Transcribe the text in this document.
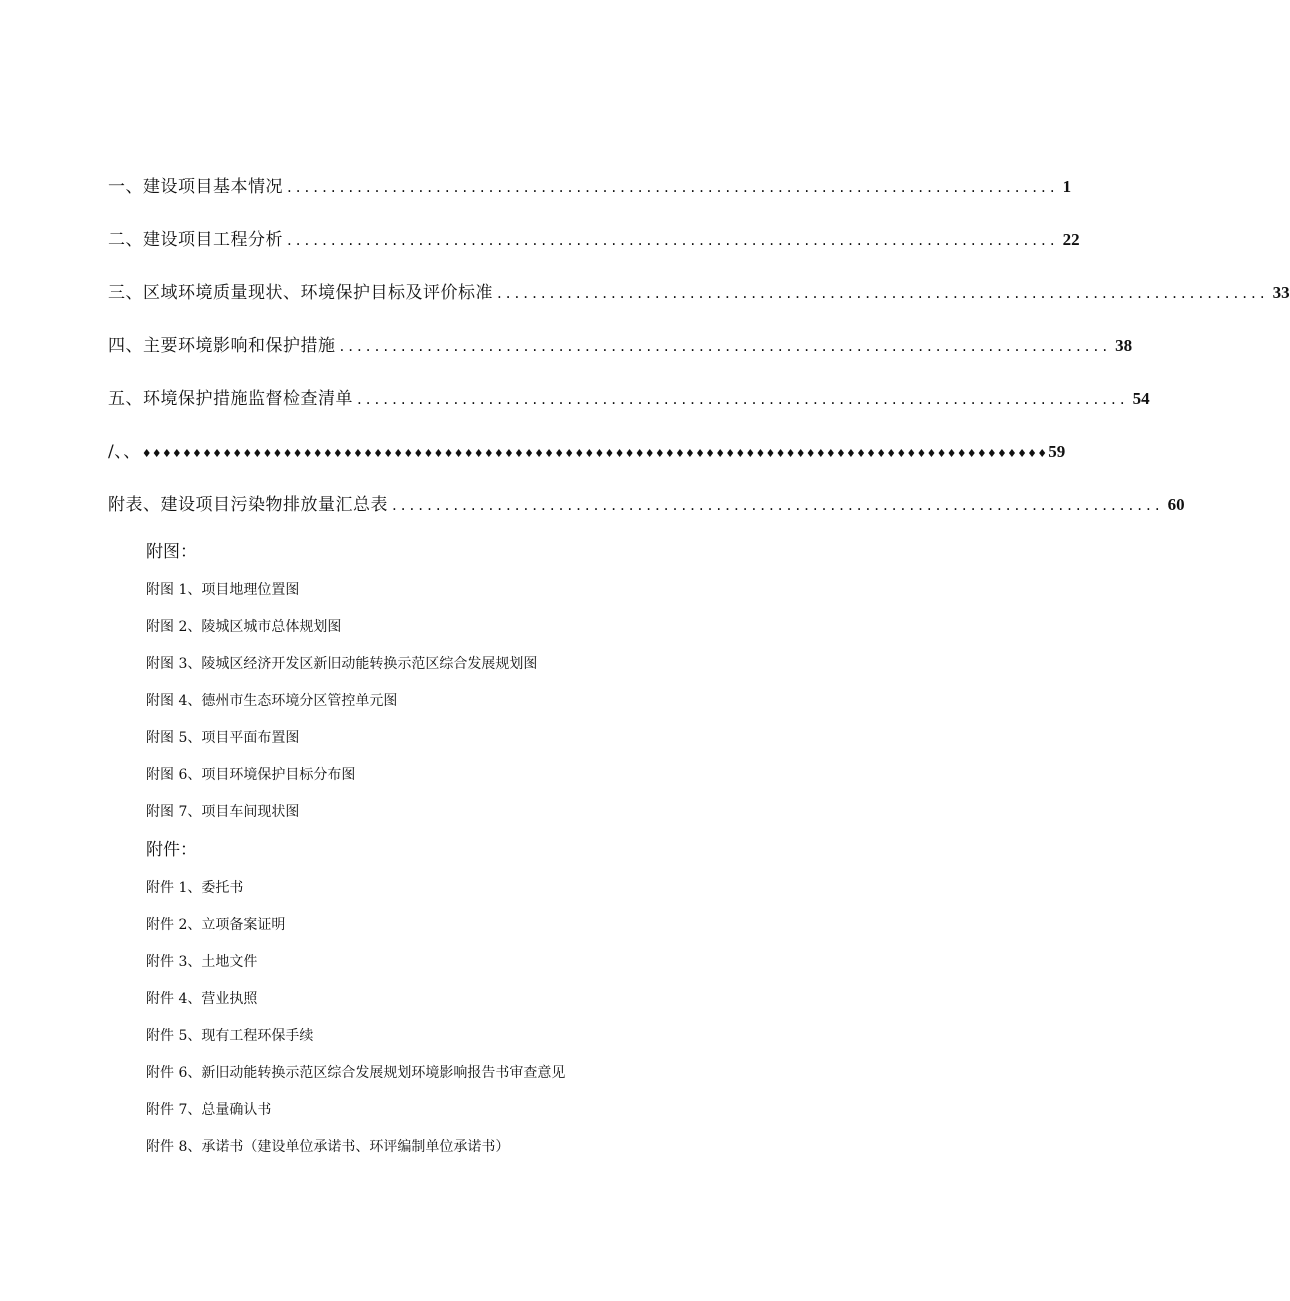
一、建设项目基本情况 ........................................................................................ 1
二、建设项目工程分析 ........................................................................................ 22
三、区域环境质量现状、环境保护目标及评价标准 ........................................................................................ 33
四、主要环境影响和保护措施 ........................................................................................ 38
五、环境保护措施监督检查清单 ........................................................................................ 54
/、、 ♦♦♦♦♦♦♦♦♦♦♦♦♦♦♦♦♦♦♦♦♦♦♦♦♦♦♦♦♦♦♦♦♦♦♦♦♦♦♦♦♦♦♦♦♦♦♦♦♦♦♦♦♦♦♦♦♦♦♦♦♦♦♦♦♦♦♦♦♦♦♦♦♦♦♦♦♦♦♦♦♦♦♦♦♦♦♦♦♦♦ 59
附表、建设项目污染物排放量汇总表 ........................................................................................ 60
附图：
附图 1、项目地理位置图
附图 2、陵城区城市总体规划图
附图 3、陵城区经济开发区新旧动能转换示范区综合发展规划图
附图 4、德州市生态环境分区管控单元图
附图 5、项目平面布置图
附图 6、项目环境保护目标分布图
附图 7、项目车间现状图
附件：
附件 1、委托书
附件 2、立项备案证明
附件 3、土地文件
附件 4、营业执照
附件 5、现有工程环保手续
附件 6、新旧动能转换示范区综合发展规划环境影响报告书审查意见
附件 7、总量确认书
附件 8、承诺书（建设单位承诺书、环评编制单位承诺书）
